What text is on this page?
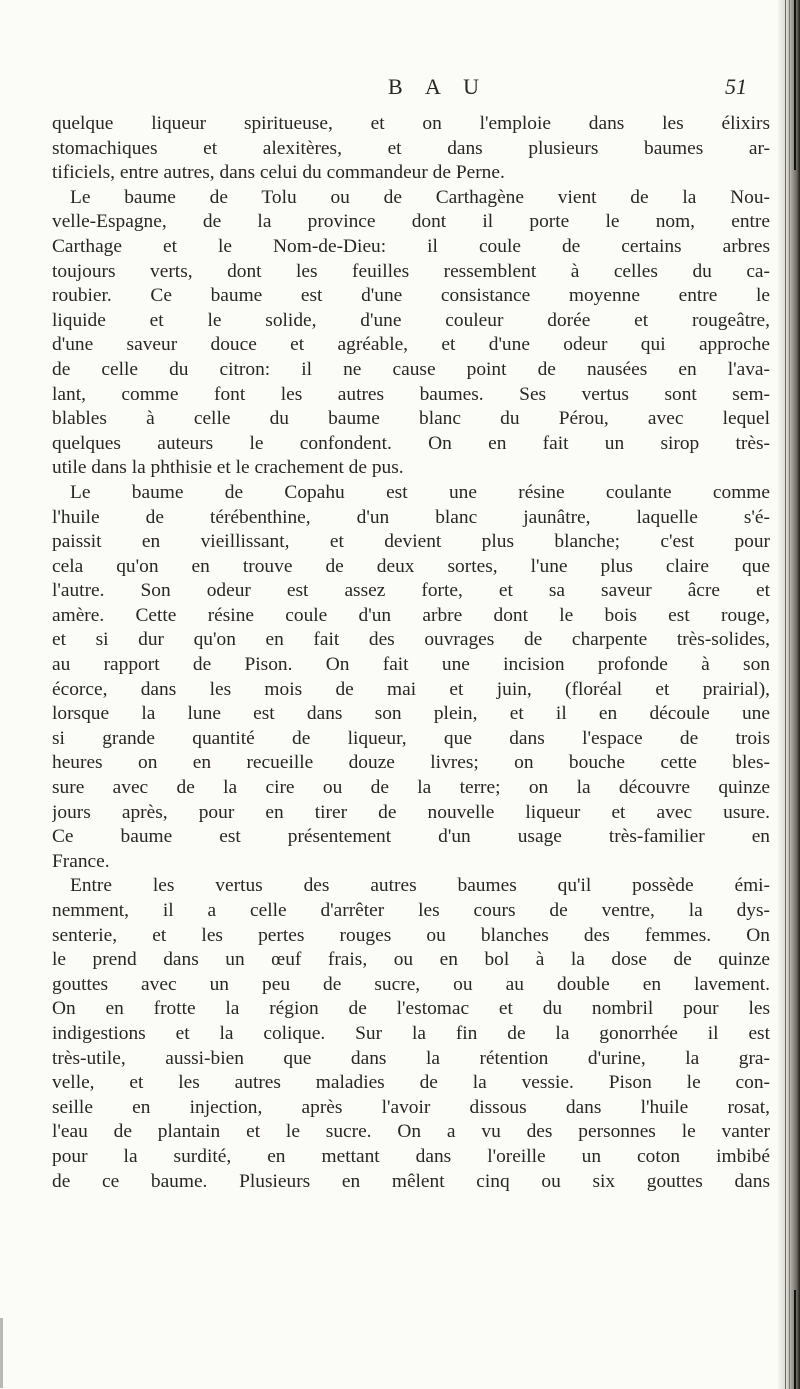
B A U	51
quelque liqueur spiritueuse, et on l'emploie dans les élixirs
stomachiques et alexitères, et dans plusieurs baumes ar-
tificiels, entre autres, dans celui du commandeur de Perne.
Le baume de Tolu ou de Carthagène vient de la Nou-
velle-Espagne, de la province dont il porte le nom, entre
Carthage et le Nom-de-Dieu: il coule de certains arbres
toujours verts, dont les feuilles ressemblent à celles du ca-
roubier. Ce baume est d'une consistance moyenne entre le
liquide et le solide, d'une couleur dorée et rougeâtre,
d'une saveur douce et agréable, et d'une odeur qui approche
de celle du citron: il ne cause point de nausées en l'ava-
lant, comme font les autres baumes. Ses vertus sont sem-
blables à celle du baume blanc du Pérou, avec lequel
quelques auteurs le confondent. On en fait un sirop très-
utile dans la phthisie et le crachement de pus.
Le baume de Copahu est une résine coulante comme
l'huile de térébenthine, d'un blanc jaunâtre, laquelle s'é-
paissit en vieillissant, et devient plus blanche; c'est pour
cela qu'on en trouve de deux sortes, l'une plus claire que
l'autre. Son odeur est assez forte, et sa saveur âcre et
amère. Cette résine coule d'un arbre dont le bois est rouge,
et si dur qu'on en fait des ouvrages de charpente très-solides,
au rapport de Pison. On fait une incision profonde à son
écorce, dans les mois de mai et juin, (floréal et prairial),
lorsque la lune est dans son plein, et il en découle une
si grande quantité de liqueur, que dans l'espace de trois
heures on en recueille douze livres; on bouche cette bles-
sure avec de la cire ou de la terre; on la découvre quinze
jours après, pour en tirer de nouvelle liqueur et avec usure.
Ce baume est présentement d'un usage très-familier en
France.
Entre les vertus des autres baumes qu'il possède émi-
nemment, il a celle d'arrêter les cours de ventre, la dys-
senterie, et les pertes rouges ou blanches des femmes. On
le prend dans un œuf frais, ou en bol à la dose de quinze
gouttes avec un peu de sucre, ou au double en lavement.
On en frotte la région de l'estomac et du nombril pour les
indigestions et la colique. Sur la fin de la gonorrhée il est
très-utile, aussi-bien que dans la rétention d'urine, la gra-
velle, et les autres maladies de la vessie. Pison le con-
seille en injection, après l'avoir dissous dans l'huile rosat,
l'eau de plantain et le sucre. On a vu des personnes le vanter
pour la surdité, en mettant dans l'oreille un coton imbibé
de ce baume. Plusieurs en mêlent cinq ou six gouttes dans
